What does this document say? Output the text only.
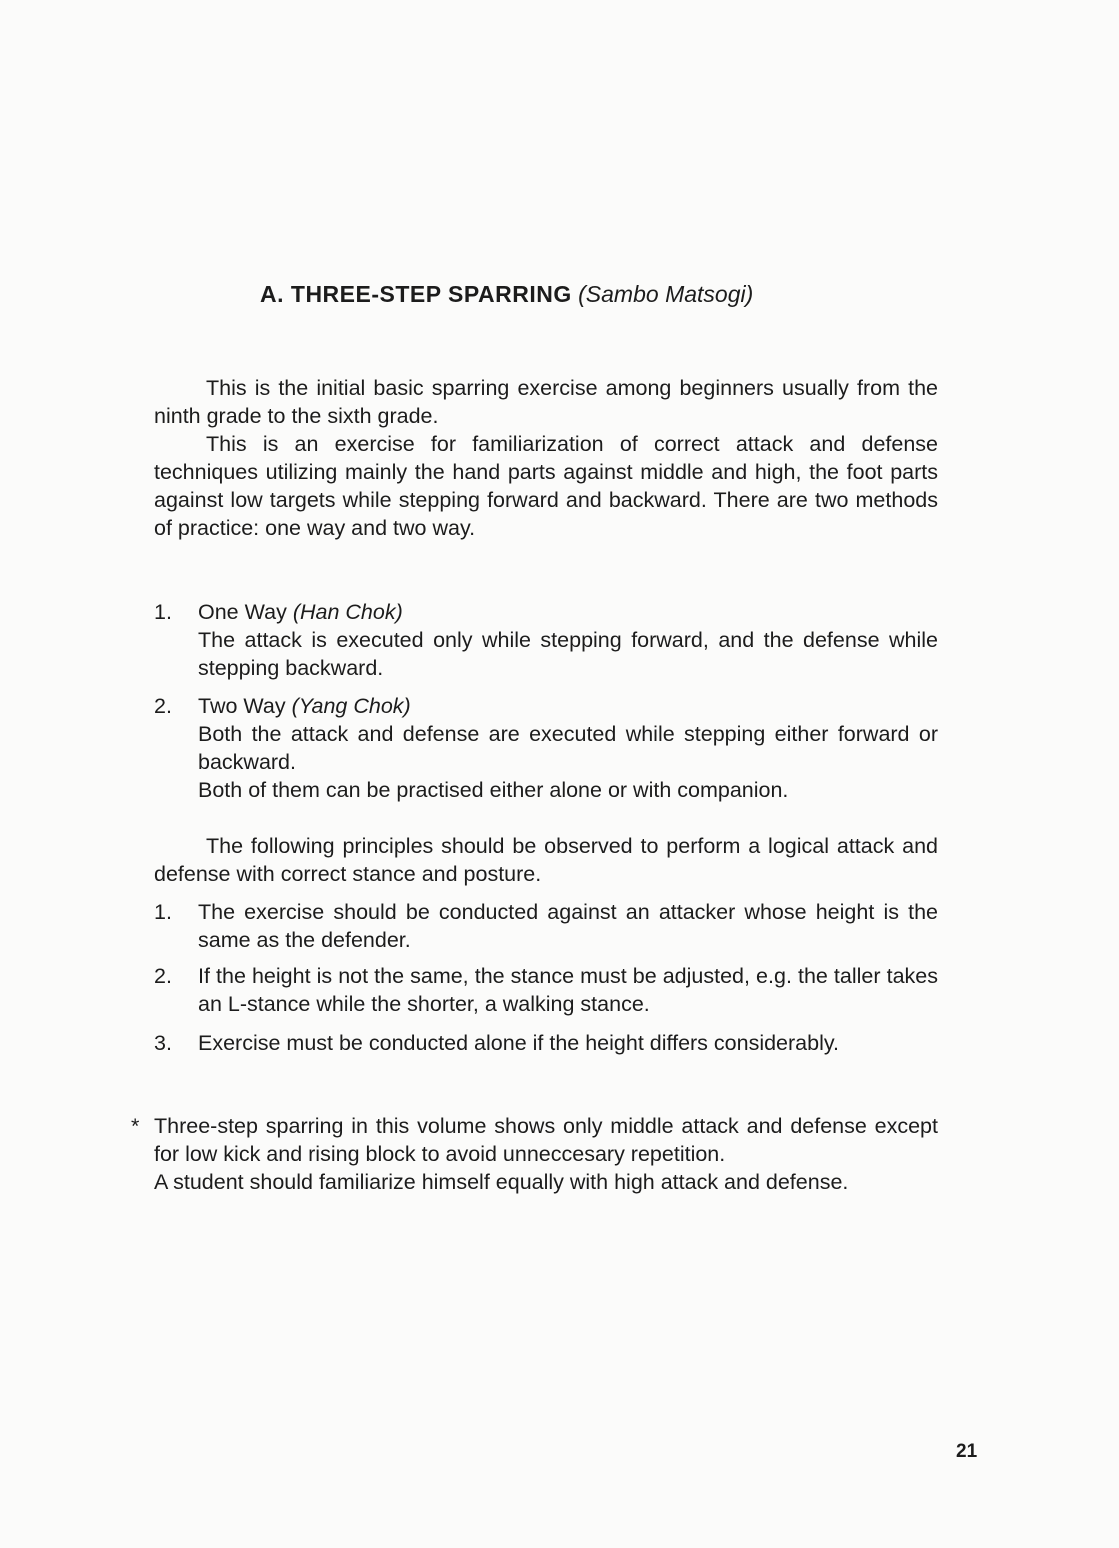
A. THREE-STEP SPARRING (Sambo Matsogi)

This is the initial basic sparring exercise among beginners usually from the ninth grade to the sixth grade.

This is an exercise for familiarization of correct attack and defense techniques utilizing mainly the hand parts against middle and high, the foot parts against low targets while stepping forward and backward. There are two methods of practice: one way and two way.

1.	One Way (Han Chok)
The attack is executed only while stepping forward, and the defense while stepping backward.
2.	Two Way (Yang Chok)
Both the attack and defense are executed while stepping either forward or backward.
Both of them can be practised either alone or with companion.

The following principles should be observed to perform a logical attack and defense with correct stance and posture.

1.	The exercise should be conducted against an attacker whose height is the same as the defender.
2.	If the height is not the same, the stance must be adjusted, e.g. the taller takes an L-stance while the shorter, a walking stance.
3.	Exercise must be conducted alone if the height differs considerably.
* Three-step sparring in this volume shows only middle attack and defense except for low kick and rising block to avoid unneccesary repetition.
A student should familiarize himself equally with high attack and defense.
21
